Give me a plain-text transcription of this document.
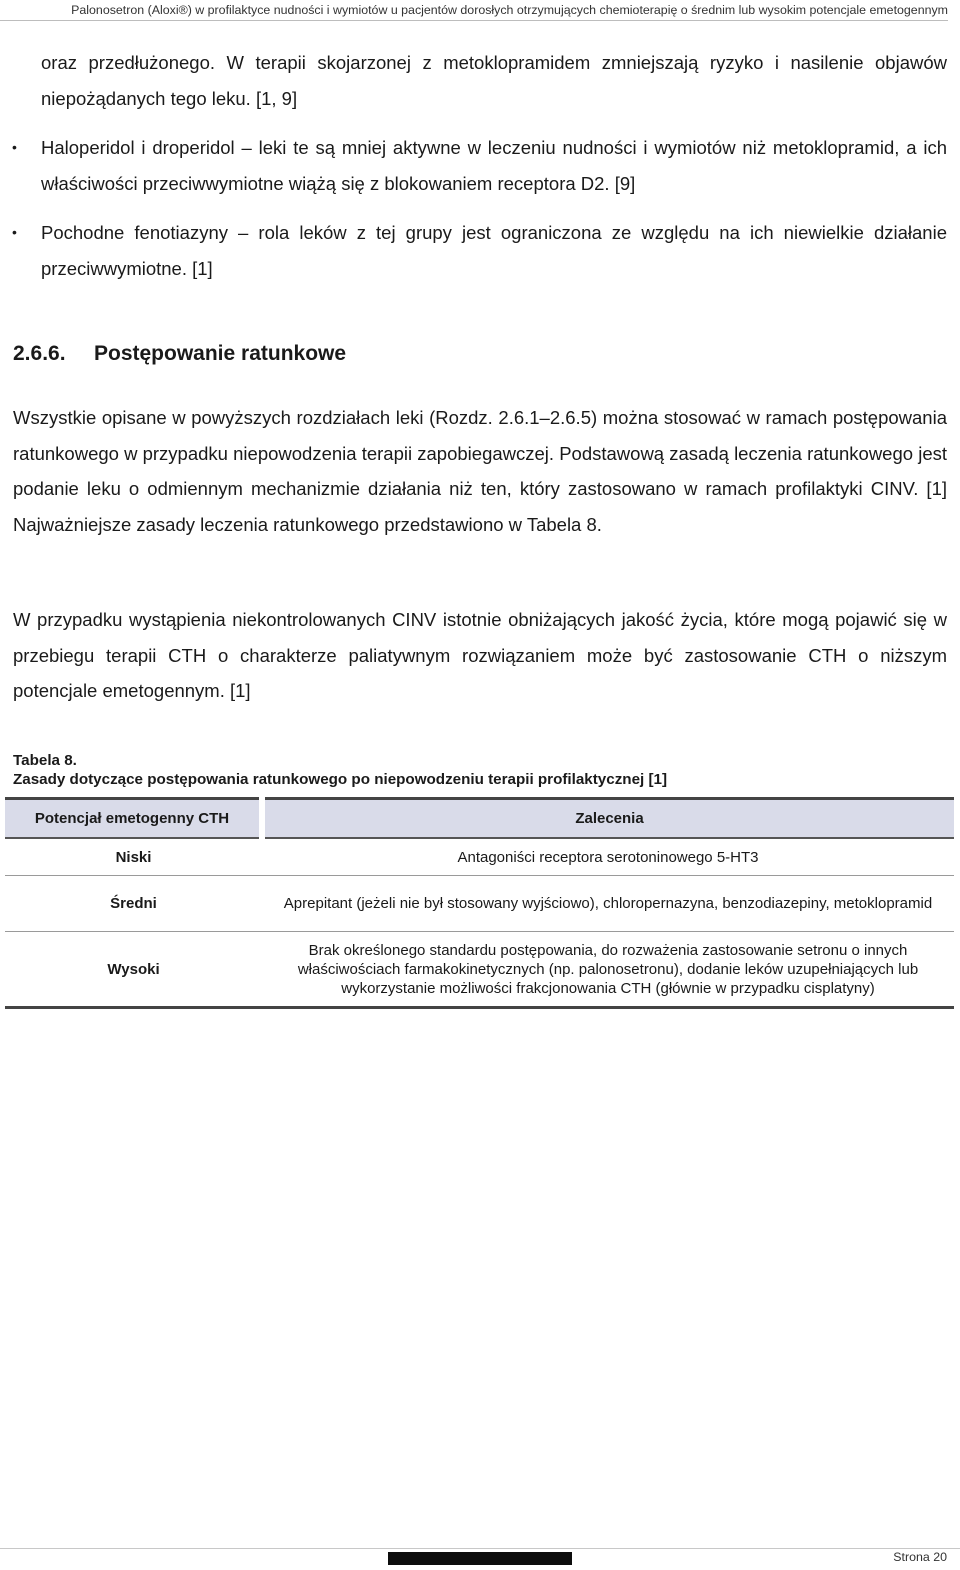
Palonosetron (Aloxi®) w profilaktyce nudności i wymiotów u pacjentów dorosłych otrzymujących chemioterapię o średnim lub wysokim potencjale emetogennym

oraz przedłużonego. W terapii skojarzonej z metoklopramidem zmniejszają ryzyko i nasilenie objawów niepożądanych tego leku. [1, 9]

• Haloperidol i droperidol – leki te są mniej aktywne w leczeniu nudności i wymiotów niż metoklopramid, a ich właściwości przeciwwymiotne wiążą się z blokowaniem receptora D2. [9]

• Pochodne fenotiazyny – rola leków z tej grupy jest ograniczona ze względu na ich niewielkie działanie przeciwwymiotne. [1]

2.6.6. Postępowanie ratunkowe

Wszystkie opisane w powyższych rozdziałach leki (Rozdz. 2.6.1–2.6.5) można stosować w ramach postępowania ratunkowego w przypadku niepowodzenia terapii zapobiegawczej. Podstawową zasadą leczenia ratunkowego jest podanie leku o odmiennym mechanizmie działania niż ten, który zastosowano w ramach profilaktyki CINV. [1] Najważniejsze zasady leczenia ratunkowego przedstawiono w Tabela 8.

W przypadku wystąpienia niekontrolowanych CINV istotnie obniżających jakość życia, które mogą pojawić się w przebiegu terapii CTH o charakterze paliatywnym rozwiązaniem może być zastosowanie CTH o niższym potencjale emetogennym. [1]

Tabela 8.
Zasady dotyczące postępowania ratunkowego po niepowodzeniu terapii profilaktycznej [1]
Potencjał emetogenny CTH	Zalecenia
Niski	Antagoniści receptora serotoninowego 5-HT3
Średni	Aprepitant (jeżeli nie był stosowany wyjściowo), chloropernazyna, benzodiazepiny, metoklopramid
Wysoki	Brak określonego standardu postępowania, do rozważenia zastosowanie setronu o innych właściwościach farmakokinetycznych (np. palonosetronu), dodanie leków uzupełniających lub wykorzystanie możliwości frakcjonowania CTH (głównie w przypadku cisplatyny)
Strona 20
